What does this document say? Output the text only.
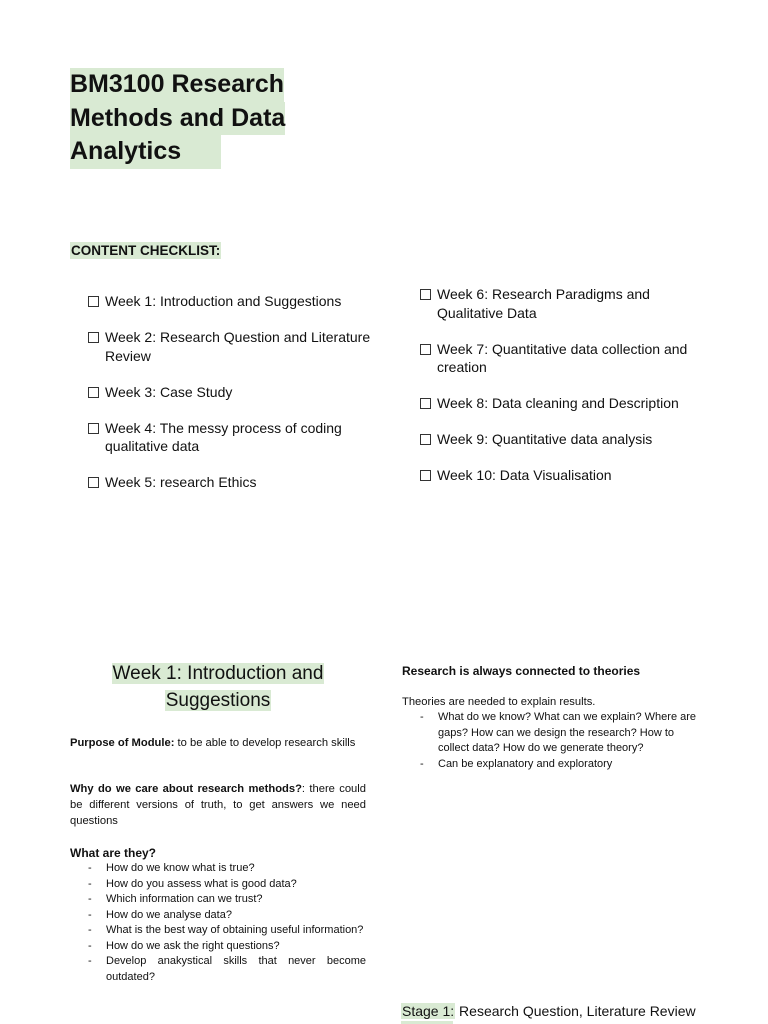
BM3100 Research
Methods and Data
Analytics
CONTENT CHECKLIST:
Week 1: Introduction and Suggestions
Week 2: Research Question and Literature Review
Week 3: Case Study
Week 4: The messy process of coding qualitative data
Week 5: research Ethics
Week 6: Research Paradigms and Qualitative Data
Week 7: Quantitative data collection and creation
Week 8: Data cleaning and Description
Week 9: Quantitative data analysis
Week 10: Data Visualisation
Week 1: Introduction and
Suggestions

Purpose of Module: to be able to develop research skills

Why do we care about research methods?: there could be different versions of truth, to get answers we need questions

What are they?

-	How do we know what is true?
-	How do you assess what is good data?
-	Which information can we trust?
-	How do we analyse data?
-	What is the best way of obtaining useful information?
-	How do we ask the right questions?
-	Develop anakystical skills that never become outdated?

Research is always connected to theories

Theories are needed to explain results.

-	What do we know? What can we explain? Where are gaps? How can we design the research? How to collect data? How do we generate theory?
-	Can be explanatory and exploratory

Stage 1: Research Question, Literature Review
